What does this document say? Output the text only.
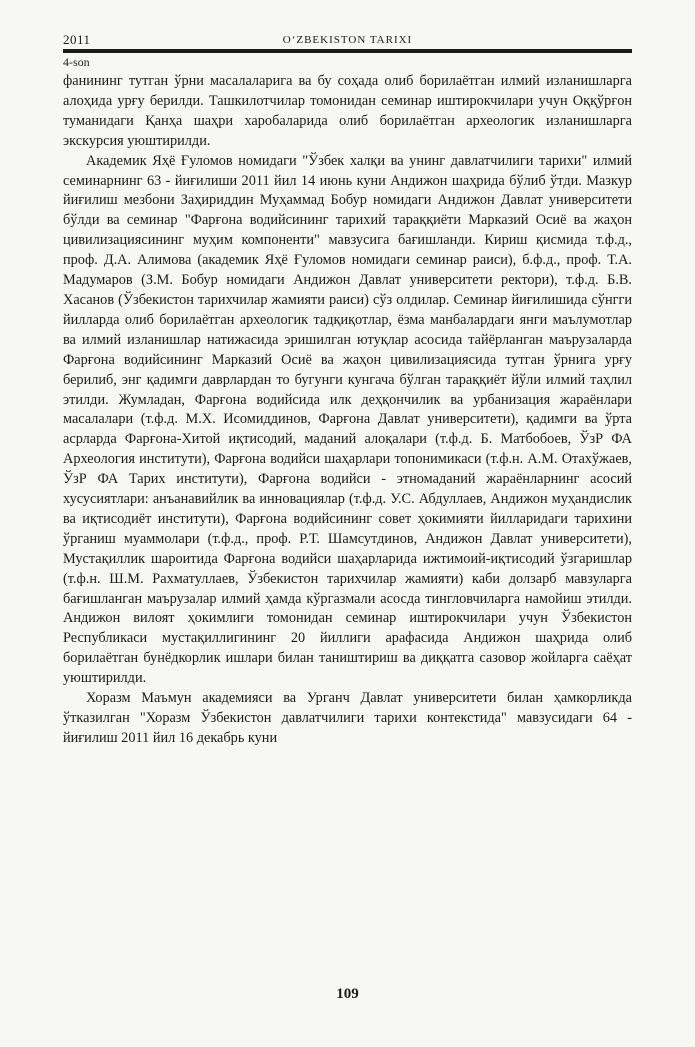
2011	O‘ZBEKISTON TARIXI
4-son

фанининг тутган ўрни масалаларига ва бу соҳада олиб борилаётган илмий изланишларга алоҳида урғу берилди. Ташкилотчилар томонидан семинар иштирокчилари учун Оққўрғон туманидаги Қанҳа шаҳри харобаларида олиб борилаётган археологик изланишларга экскурсия уюштирилди.

Академик Яҳё Ғуломов номидаги "Ўзбек халқи ва унинг давлатчилиги тарихи" илмий семинарнинг 63 - йиғилиши 2011 йил 14 июнь куни Андижон шаҳрида бўлиб ўтди. Мазкур йиғилиш мезбони Заҳириддин Муҳаммад Бобур номидаги Андижон Давлат университети бўлди ва семинар "Фарғона водийсининг тарихий тараққиёти Марказий Осиё ва жаҳон цивилизациясининг муҳим компоненти" мавзусига бағишланди. Кириш қисмида т.ф.д., проф. Д.А. Алимова (академик Яҳё Ғуломов номидаги семинар раиси), б.ф.д., проф. Т.А. Мадумаров (З.М. Бобур номидаги Андижон Давлат университети ректори), т.ф.д. Б.В. Хасанов (Ўзбекистон тарихчилар жамияти раиси) сўз олдилар. Семинар йиғилишида сўнгги йилларда олиб борилаётган археологик тадқиқотлар, ёзма манбалардаги янги маълумотлар ва илмий изланишлар натижасида эришилган ютуқлар асосида тайёрланган маърузаларда Фарғона водийсининг Марказий Осиё ва жаҳон цивилизациясида тутган ўрнига урғу берилиб, энг қадимги даврлардан то бугунги кунгача бўлган тараққиёт йўли илмий таҳлил этилди. Жумладан, Фарғона водийсида илк деҳқончилик ва урбанизация жараёнлари масалалари (т.ф.д. М.Х. Исомиддинов, Фарғона Давлат университети), қадимги ва ўрта асрларда Фарғона-Хитой иқтисодий, маданий алоқалари (т.ф.д. Б. Матбобоев, ЎзР ФА Археология институти), Фарғона водийси шаҳарлари топонимикаси (т.ф.н. А.М. Отахўжаев, ЎзР ФА Тарих институти), Фарғона водийси - этномаданий жараёнларнинг асосий хусусиятлари: анъанавийлик ва инновациялар (т.ф.д. У.С. Абдуллаев, Андижон муҳандислик ва иқтисодиёт институти), Фарғона водийсининг совет ҳокимияти йилларидаги тарихини ўрганиш муаммолари (т.ф.д., проф. Р.Т. Шамсутдинов, Андижон Давлат университети), Мустақиллик шароитида Фарғона водийси шаҳарларида ижтимоий-иқтисодий ўзгаришлар (т.ф.н. Ш.М. Рахматуллаев, Ўзбекистон тарихчилар жамияти) каби долзарб мавзуларга бағишланган маърузалар илмий ҳамда кўргазмали асосда тингловчиларга намойиш этилди. Андижон вилоят ҳокимлиги томонидан семинар иштирокчилари учун Ўзбекистон Республикаси мустақиллигининг 20 йиллиги арафасида Андижон шаҳрида олиб борилаётган бунёдкорлик ишлари билан таништириш ва диққатга сазовор жойларга саёҳат уюштирилди.

Хоразм Маъмун академияси ва Урганч Давлат университети билан ҳамкорликда ўтказилган "Хоразм Ўзбекистон давлатчилиги тарихи контекстида" мавзусидаги 64 - йиғилиш 2011 йил 16 декабрь куни

109
